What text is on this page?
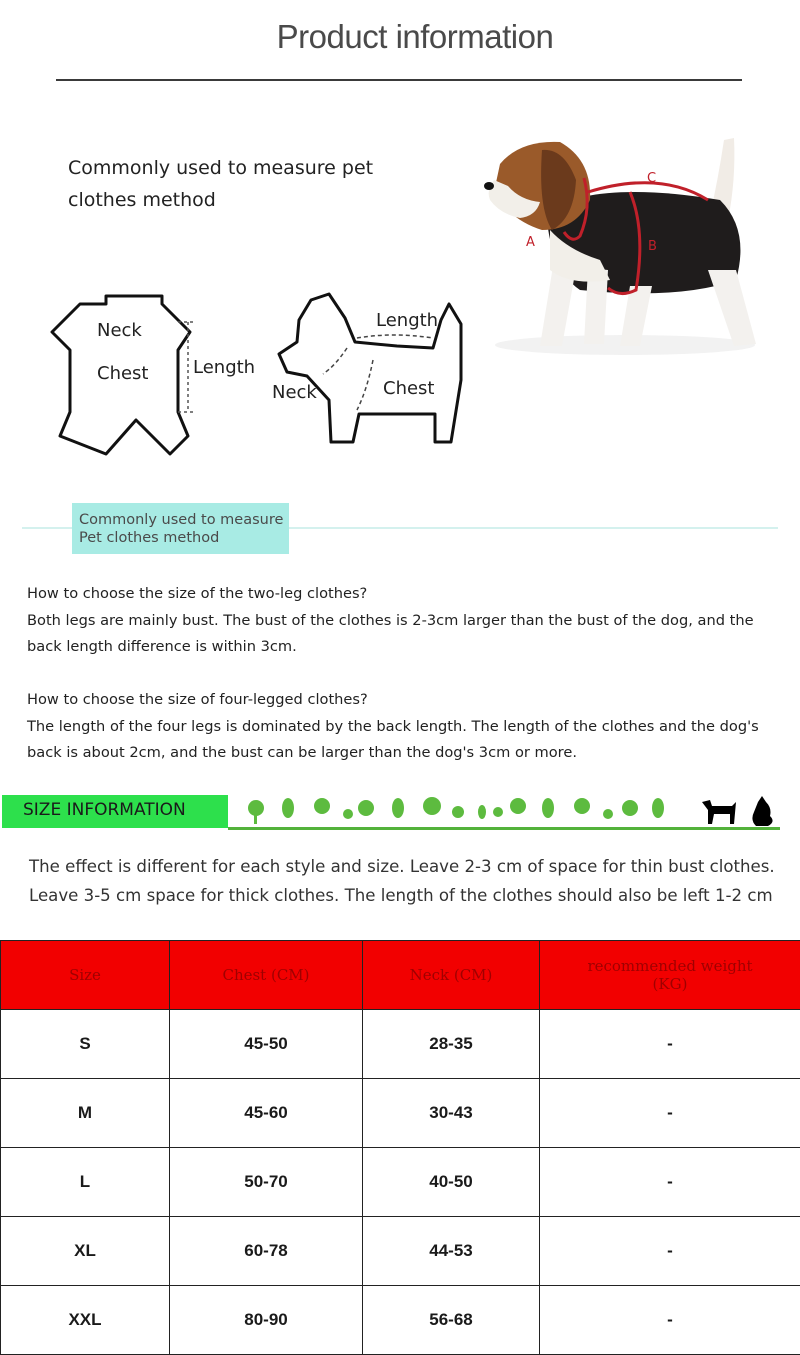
Product information
Commonly used to measure pet clothes method
Neck
Chest Length
Length
Neck	Chest
A	B
C
Commonly used to measure
Pet clothes method
How to choose the size of the two-leg clothes?
Both legs are mainly bust. The bust of the clothes is 2-3cm larger than the bust of the dog, and the back length difference is within 3cm.
How to choose the size of four-legged clothes?
The length of the four legs is dominated by the back length. The length of the clothes and the dog's back is about 2cm, and the bust can be larger than the dog's 3cm or more.
SIZE INFORMATION
The effect is different for each style and size. Leave 2-3 cm of space for thin bust clothes. Leave 3-5 cm space for thick clothes. The length of the clothes should also be left 1-2 cm
Size	Chest (CM)	Neck (CM)	recommended weight
(KG)

S	45-50	28-35	-
M	45-60	30-43	-
L	50-70	40-50	-
XL	60-78	44-53	-
XXL	80-90	56-68	-
